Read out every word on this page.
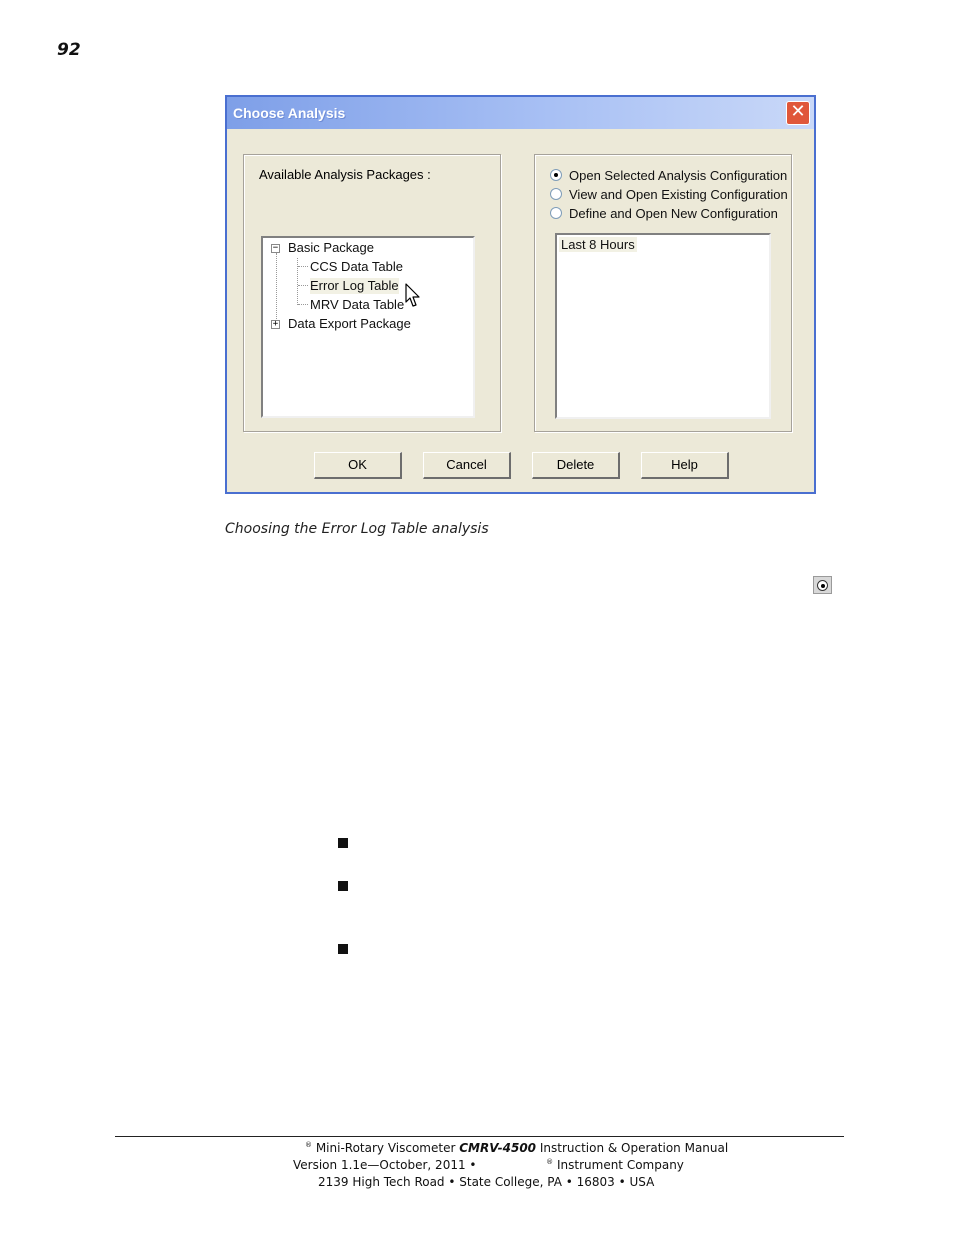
92
Choose Analysis	✕
Available Analysis Packages :
− Basic Package
CCS Data Table
Error Log Table
MRV Data Table
+ Data Export Package
Open Selected Analysis Configuration
View and Open Existing Configuration
Define and Open New Configuration
Last 8 Hours
OK	Cancel	Delete	Help
Choosing the Error Log Table analysis
® Mini-Rotary Viscometer CMRV-4500 Instruction & Operation Manual
Version 1.1e—October, 2011 •	® Instrument Company
2139 High Tech Road • State College, PA • 16803 • USA
